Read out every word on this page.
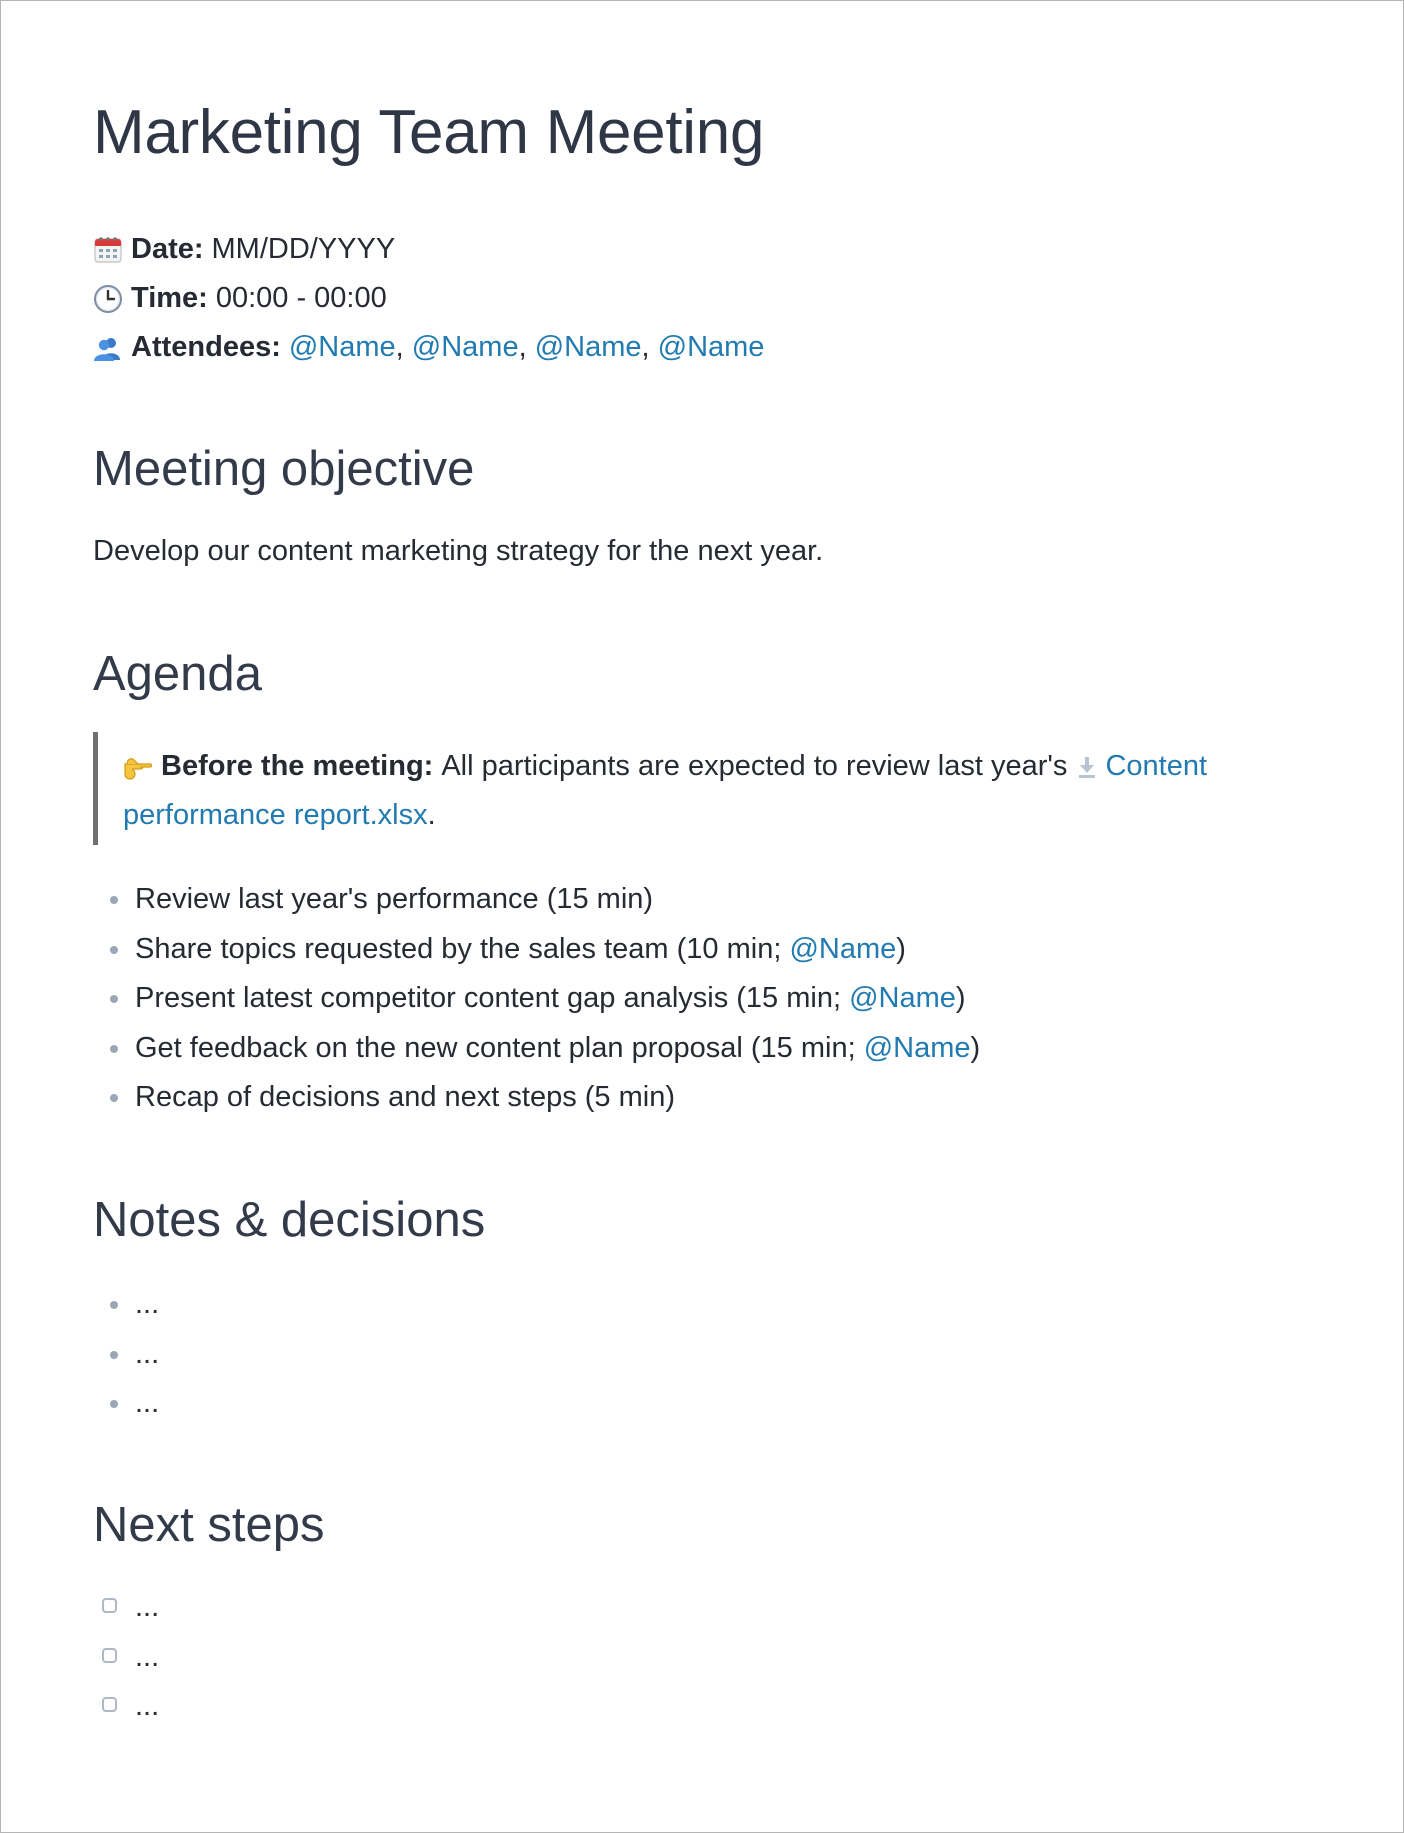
Marketing Team Meeting
Date: MM/DD/YYYY
Time: 00:00 - 00:00
Attendees: @Name ,
@Name ,
@Name ,
@Name
Meeting objective
Develop our content marketing strategy for the next year.
Agenda
Before the meeting: All participants are expected to review last year's Content
performance report.xlsx.
Review last year's performance (15 min)
Share topics requested by the sales team (10 min; @Name)
Present latest competitor content gap analysis (15 min; @Name)
Get feedback on the new content plan proposal (15 min; @Name)
Recap of decisions and next steps (5 min)
Notes & decisions
...
...
...
Next steps
...
...
...
